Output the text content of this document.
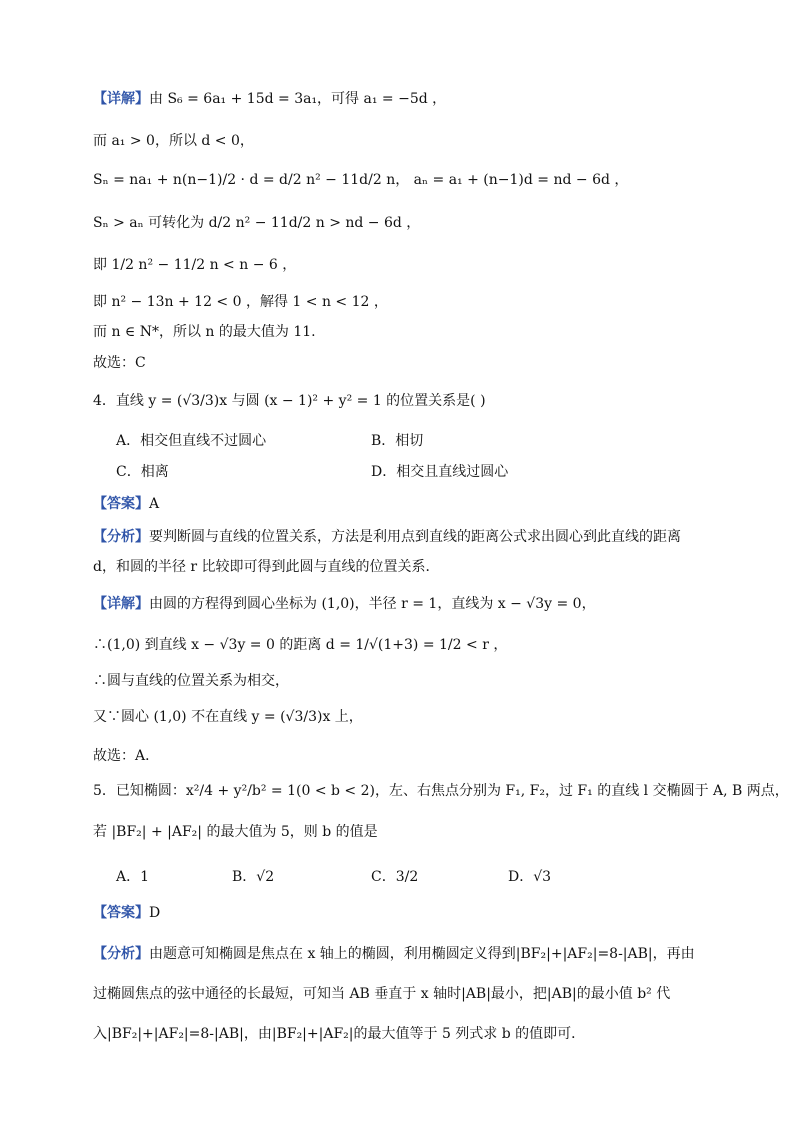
【详解】由 S₆ = 6a₁ + 15d = 3a₁，可得 a₁ = −5d ，
而 a₁ > 0，所以 d < 0，
Sₙ = na₁ + n(n−1)/2 · d = d/2 n² − 11d/2 n， aₙ = a₁ + (n−1)d = nd − 6d ，
Sₙ > aₙ 可转化为 d/2 n² − 11d/2 n > nd − 6d ，
即 1/2 n² − 11/2 n < n − 6 ，
即 n² − 13n + 12 < 0 ，解得 1 < n < 12 ，
而 n ∈ N*，所以 n 的最大值为 11.
故选：C
4．直线 y = (√3/3)x 与圆 (x − 1)² + y² = 1 的位置关系是( )
A．相交但直线不过圆心	B．相切
C．相离	D．相交且直线过圆心
【答案】A
【分析】要判断圆与直线的位置关系，方法是利用点到直线的距离公式求出圆心到此直线的距离 d，和圆的半径 r 比较即可得到此圆与直线的位置关系．
【详解】由圆的方程得到圆心坐标为 (1,0)，半径 r = 1，直线为 x − √3y = 0，
∴(1,0) 到直线 x − √3y = 0 的距离 d = 1/√(1+3) = 1/2 < r ，
∴圆与直线的位置关系为相交，
又∵圆心 (1,0) 不在直线 y = (√3/3)x 上，
故选：A．
5．已知椭圆：x²/4 + y²/b² = 1(0 < b < 2)，左、右焦点分别为 F₁, F₂，过 F₁ 的直线 l 交椭圆于 A, B 两点，
若 |BF₂| + |AF₂| 的最大值为 5，则 b 的值是
A．1	B．√2	C．3/2	D．√3
【答案】D
【分析】由题意可知椭圆是焦点在 x 轴上的椭圆，利用椭圆定义得到|BF₂|+|AF₂|=8-|AB|，再由过椭圆焦点的弦中通径的长最短，可知当 AB 垂直于 x 轴时|AB|最小，把|AB|的最小值 b² 代入|BF₂|+|AF₂|=8-|AB|，由|BF₂|+|AF₂|的最大值等于 5 列式求 b 的值即可．
